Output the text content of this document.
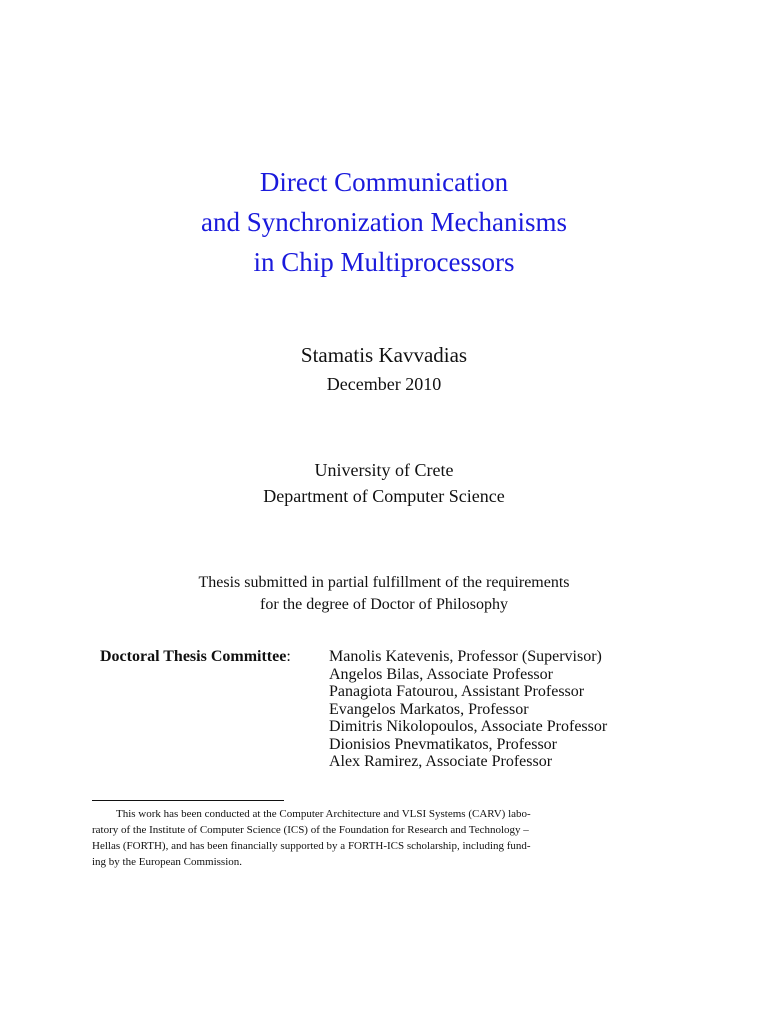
Direct Communication
and Synchronization Mechanisms
in Chip Multiprocessors
Stamatis Kavvadias
December 2010
University of Crete
Department of Computer Science
Thesis submitted in partial fulfillment of the requirements
for the degree of Doctor of Philosophy
Doctoral Thesis Committee: Manolis Katevenis, Professor (Supervisor)
Angelos Bilas, Associate Professor
Panagiota Fatourou, Assistant Professor
Evangelos Markatos, Professor
Dimitris Nikolopoulos, Associate Professor
Dionisios Pnevmatikatos, Professor
Alex Ramirez, Associate Professor
This work has been conducted at the Computer Architecture and VLSI Systems (CARV) labo-
ratory of the Institute of Computer Science (ICS) of the Foundation for Research and Technology –
Hellas (FORTH), and has been financially supported by a FORTH-ICS scholarship, including fund-
ing by the European Commission.
